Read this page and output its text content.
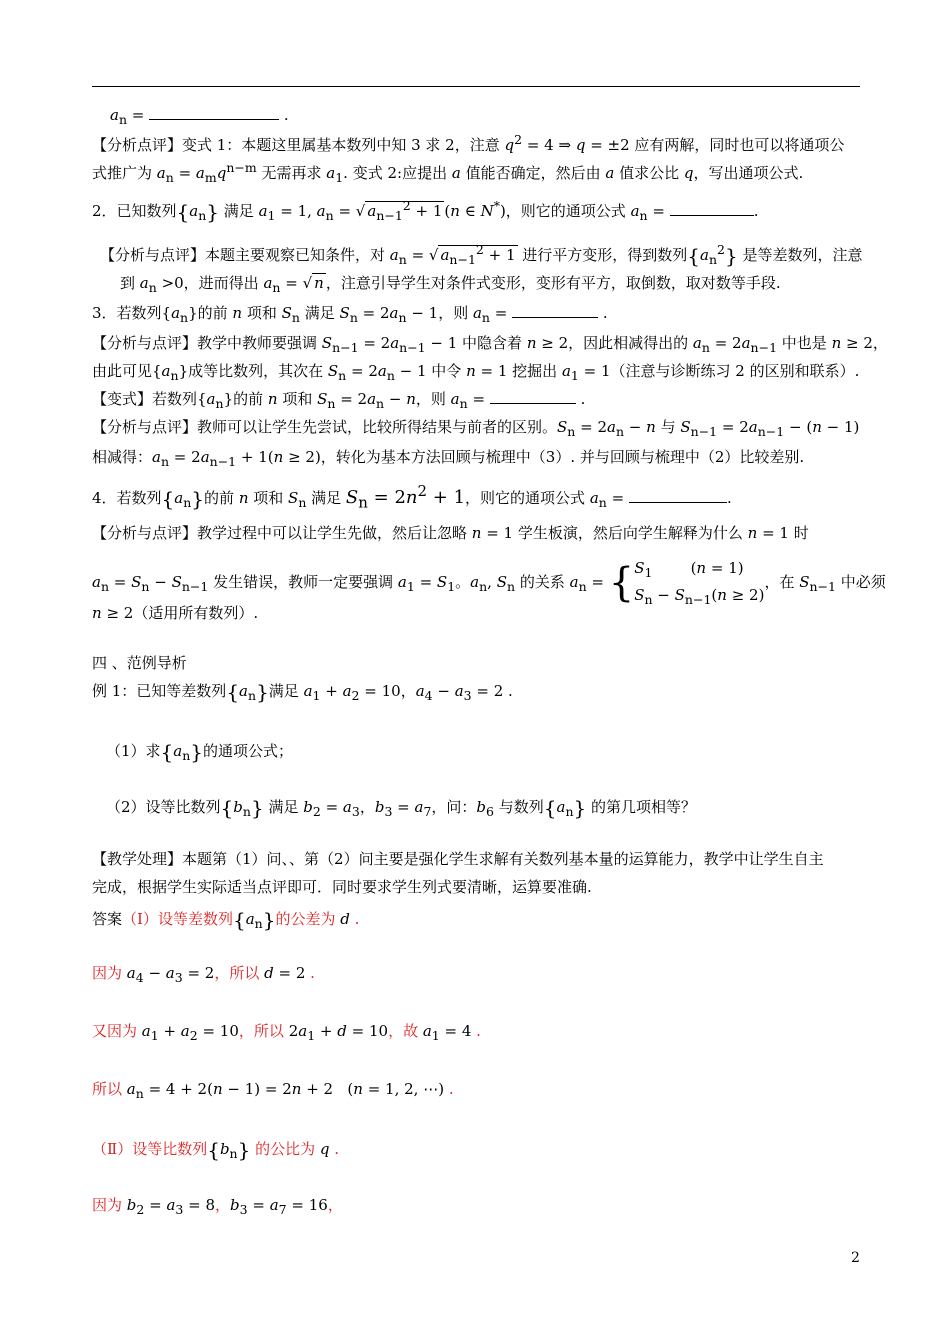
$a_n$ =	.
【分析点评】变式 1：本题这里属基本数列中知 3 求 2，注意 $q^2 = 4$ ⇒ q = ±2 应有两解，同时也可以将通项公
式推广为 $a_n = a_mq^{n-m}$ 无需再求 $a_1$. 变式 2:应提出 a 值能否确定，然后由 a 值求公比 q，写出通项公式.
2．已知数列$\{a_n\}$ 满足 $a_1 = 1$, $a_n$ = √ $a_{n-1}^2 + 1$ (n ∈ N*)，则它的通项公式 $a_n$ =	.
【分析与点评】本题主要观察已知条件，对 $a_n$ = √ $a_{n-1}^2 + 1$ 进行平方变形，得到数列$\{a_n^2\}$ 是等差数列，注意
到 $a_n >0$，进而得出 $a_n$ = √ n ，注意引导学生对条件式变形，变形有平方，取倒数，取对数等手段.
3．若数列$\{a_n\}$的前 n 项和 $S_n$ 满足 $S_n = 2a_n - 1$，则 $a_n$ =	.
【分析与点评】教学中教师要强调 $S_{n-1} = 2a_{n-1} - 1$ 中隐含着 n ≥ 2，因此相减得出的 $a_n = 2a_{n-1}$ 中也是 n ≥ 2，
由此可见$\{a_n\}$成等比数列，其次在 $S_n = 2a_n - 1$ 中令 n = 1 挖掘出 $a_1 = 1$（注意与诊断练习 2 的区别和联系）.
【变式】若数列$\{a_n\}$的前 n 项和 $S_n = 2a_n - n$，则 $a_n$ =	.
【分析与点评】教师可以让学生先尝试，比较所得结果与前者的区别。$S_n = 2a_n - n$ 与 $S_{n-1} = 2a_{n-1} - (n - 1)$
相减得：$a_n = 2a_{n-1} + 1(n \ge 2)$，转化为基本方法回顾与梳理中（3）. 并与回顾与梳理中（2）比较差别.
4．若数列$\{a_n\}$的前 n 项和 $S_n$ 满足 $S_n = 2n^2 + 1$，则它的通项公式 $a_n$ =	.
【分析与点评】教学过程中可以让学生先做，然后让忽略 n = 1 学生板演，然后向学生解释为什么 n = 1 时
$a_n = S_n - S_{n-1}$ 发生错误，教师一定要强调 $a_1 = S_1$。$a_n$, $S_n$ 的关系 $a_n = \{S_1$        (n = 1)
$S_n - S_{n-1}(n \ge 2)$，在 $S_{n-1}$ 中必须
n ≥ 2（适用所有数列）.
四 、范例导析
例 1：已知等差数列$\{a_n\}$满足 $a_1 + a_2 = 10$，$a_4 - a_3 = 2$ .
（1）求$\{a_n\}$的通项公式；
（2）设等比数列$\{b_n\}$ 满足 $b_2 = a_3$，$b_3 = a_7$，问：$b_6$ 与数列$\{a_n\}$ 的第几项相等？
【教学处理】本题第（1）问、、第（2）问主要是强化学生求解有关数列基本量的运算能力，教学中让学生自主
完成，根据学生实际适当点评即可．同时要求学生列式要清晰，运算要准确.
答案（Ⅰ）设等差数列$\{a_n\}$的公差为 d .
因为 $a_4 - a_3 = 2$，所以 d = 2 .
又因为 $a_1 + a_2 = 10$，所以 $2a_1 + d = 10$，故 $a_1 = 4$ .
所以 $a_n = 4 + 2(n - 1) = 2n + 2$   (n = 1, 2, ⋯) .
（Ⅱ）设等比数列$\{b_n\}$ 的公比为 q .
因为 $b_2 = a_3 = 8$，$b_3 = a_7 = 16$，
2
